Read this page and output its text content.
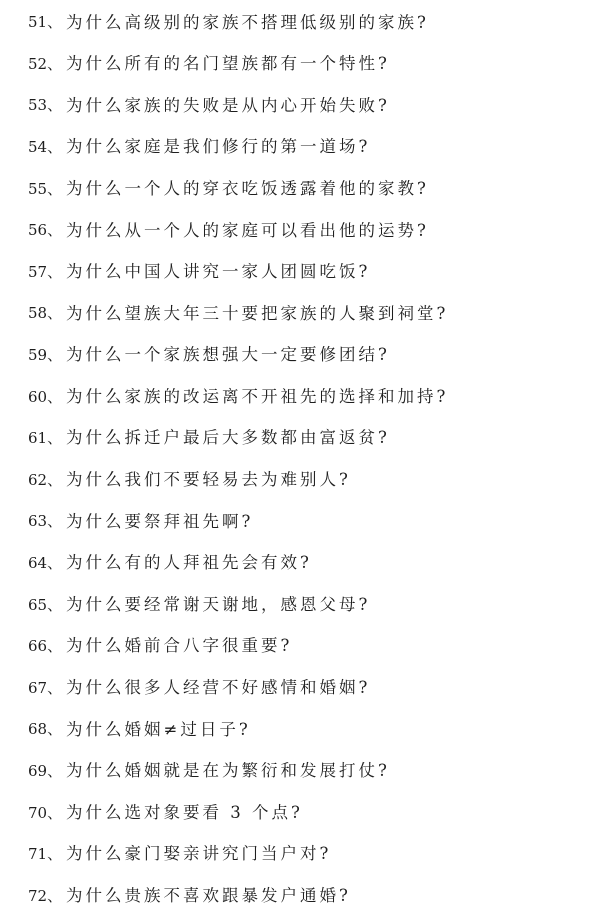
51、 为什么高级别的家族不搭理低级别的家族?
52、 为什么所有的名门望族都有一个特性?
53、 为什么家族的失败是从内心开始失败?
54、 为什么家庭是我们修行的第一道场?
55、 为什么一个人的穿衣吃饭透露着他的家教?
56、 为什么从一个人的家庭可以看出他的运势?
57、 为什么中国人讲究一家人团圆吃饭?
58、 为什么望族大年三十要把家族的人聚到祠堂?
59、 为什么一个家族想强大一定要修团结?
60、 为什么家族的改运离不开祖先的选择和加持?
61、 为什么拆迁户最后大多数都由富返贫?
62、 为什么我们不要轻易去为难别人?
63、 为什么要祭拜祖先啊?
64、 为什么有的人拜祖先会有效?
65、 为什么要经常谢天谢地，感恩父母?
66、 为什么婚前合八字很重要?
67、 为什么很多人经营不好感情和婚姻?
68、 为什么婚姻≠过日子?
69、 为什么婚姻就是在为繁衍和发展打仗?
70、 为什么选对象要看 3 个点?
71、 为什么豪门娶亲讲究门当户对?
72、 为什么贵族不喜欢跟暴发户通婚?
